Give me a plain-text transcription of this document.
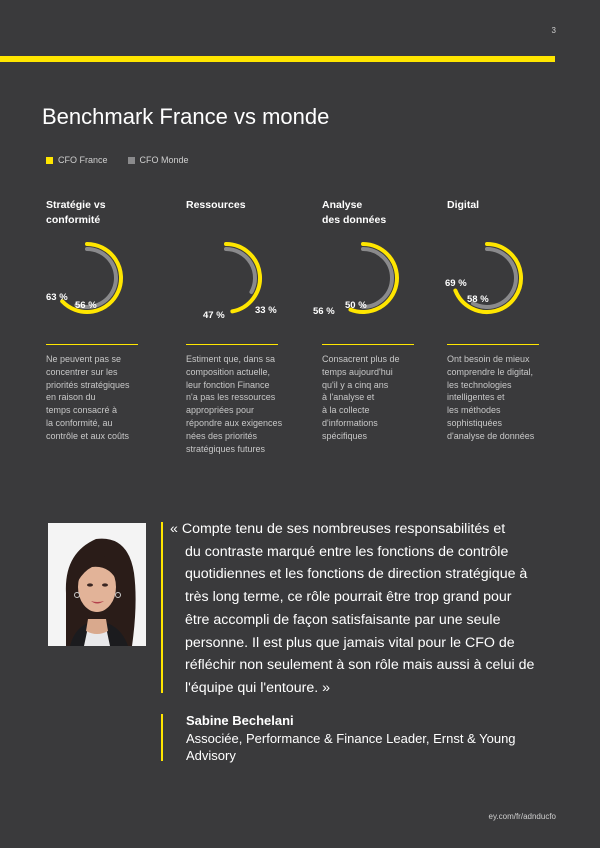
3
Benchmark France vs monde
CFO France	CFO Monde
Stratégie vs
conformité
63 %
56 %
Ressources

47 %	33 %
Analyse
des données
56 %
50 %
Digital

69 %
58 %
Ne peuvent pas se
concentrer sur les
priorités stratégiques
en raison du
temps consacré à
la conformité, au
contrôle et aux coûts
Estiment que, dans sa
composition actuelle,
leur fonction Finance
n'a pas les ressources
appropriées pour
répondre aux exigences
nées des priorités
stratégiques futures
Consacrent plus de
temps aujourd'hui
qu'il y a cinq ans
à l'analyse et
à la collecte
d'informations
spécifiques
Ont besoin de mieux
comprendre le digital,
les technologies
intelligentes et
les méthodes
sophistiquées
d'analyse de données
« Compte tenu de ses nombreuses responsabilités et
du contraste marqué entre les fonctions de contrôle
quotidiennes et les fonctions de direction stratégique à
très long terme, ce rôle pourrait être trop grand pour
être accompli de façon satisfaisante par une seule
personne. Il est plus que jamais vital pour le CFO de
réfléchir non seulement à son rôle mais aussi à celui de
l'équipe qui l'entoure. »
Sabine Bechelani
Associée, Performance & Finance Leader, Ernst & Young
Advisory
ey.com/fr/adnducfo
